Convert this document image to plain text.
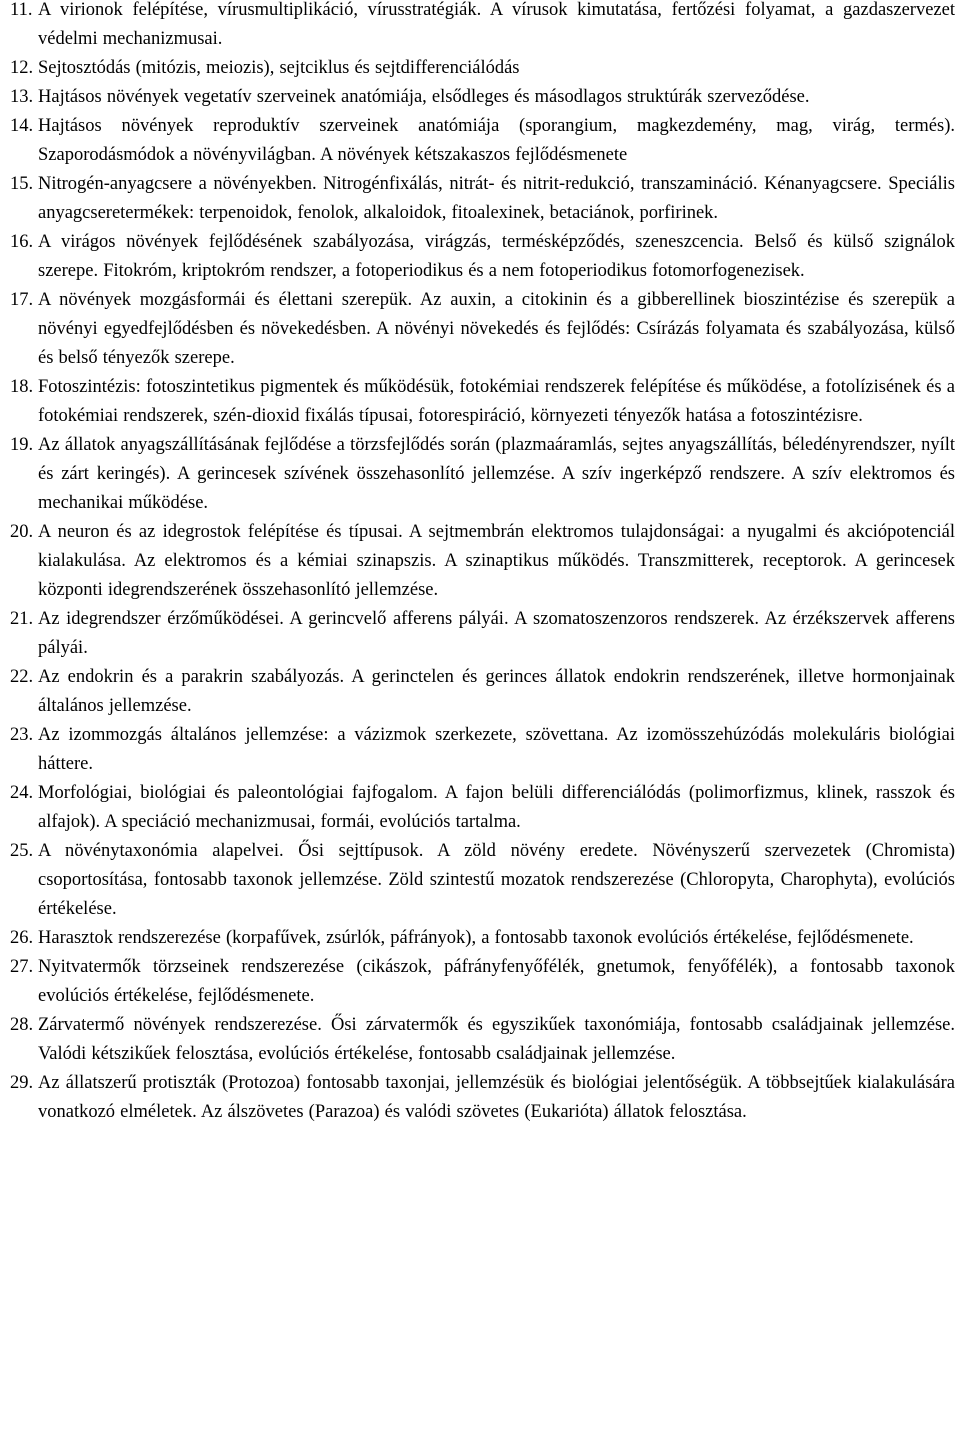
11. A virionok felépítése, vírusmultiplikáció, vírusstratégiák. A vírusok kimutatása, fertőzési folyamat, a gazdaszervezet védelmi mechanizmusai.
12. Sejtosztódás (mitózis, meiozis), sejtciklus és sejtdifferenciálódás
13. Hajtásos növények vegetatív szerveinek anatómiája, elsődleges és másodlagos struktúrák szerveződése.
14. Hajtásos növények reproduktív szerveinek anatómiája (sporangium, magkezdemény, mag, virág, termés). Szaporodásmódok a növényvilágban. A növények kétszakaszos fejlődésmenete
15. Nitrogén-anyagcsere a növényekben. Nitrogénfixálás, nitrát- és nitrit-redukció, transzamináció. Kénanyagcsere. Speciális anyagcseretermékek: terpenoidok, fenolok, alkaloidok, fitoalexinek, betaciánok, porfirinek.
16. A virágos növények fejlődésének szabályozása, virágzás, termésképződés, szeneszcencia. Belső és külső szignálok szerepe. Fitokróm, kriptokróm rendszer, a fotoperiodikus és a nem fotoperiodikus fotomorfogenezisek.
17. A növények mozgásformái és élettani szerepük. Az auxin, a citokinin és a gibberellinek bioszintézise és szerepük a növényi egyedfejlődésben és növekedésben. A növényi növekedés és fejlődés: Csírázás folyamata és szabályozása, külső és belső tényezők szerepe.
18. Fotoszintézis: fotoszintetikus pigmentek és működésük, fotokémiai rendszerek felépítése és működése, a fotolízisének és a fotokémiai rendszerek, szén-dioxid fixálás típusai, fotorespiráció, környezeti tényezők hatása a fotoszintézisre.
19. Az állatok anyagszállításának fejlődése a törzsfejlődés során (plazmaáramlás, sejtes anyagszállítás, béledényrendszer, nyílt és zárt keringés). A gerincesek szívének összehasonlító jellemzése. A szív ingerképző rendszere. A szív elektromos és mechanikai működése.
20. A neuron és az idegrostok felépítése és típusai. A sejtmembrán elektromos tulajdonságai: a nyugalmi és akciópotenciál kialakulása. Az elektromos és a kémiai szinapszis. A szinaptikus működés. Transzmitterek, receptorok. A gerincesek központi idegrendszerének összehasonlító jellemzése.
21. Az idegrendszer érzőműködései. A gerincvelő afferens pályái. A szomatoszenzoros rendszerek. Az érzékszervek afferens pályái.
22. Az endokrin és a parakrin szabályozás. A gerinctelen és gerinces állatok endokrin rendszerének, illetve hormonjainak általános jellemzése.
23. Az izommozgás általános jellemzése: a vázizmok szerkezete, szövettana. Az izomösszehúzódás molekuláris biológiai háttere.
24. Morfológiai, biológiai és paleontológiai fajfogalom. A fajon belüli differenciálódás (polimorfizmus, klinek, rasszok és alfajok). A speciáció mechanizmusai, formái, evolúciós tartalma.
25. A növénytaxonómia alapelvei. Ősi sejttípusok. A zöld növény eredete. Növényszerű szervezetek (Chromista) csoportosítása, fontosabb taxonok jellemzése. Zöld szintestű mozatok rendszerezése (Chloropyta, Charophyta), evolúciós értékelése.
26. Harasztok rendszerezése (korpafűvek, zsúrlók, páfrányok), a fontosabb taxonok evolúciós értékelése, fejlődésmenete.
27. Nyitvatermők törzseinek rendszerezése (cikászok, páfrányfenyőfélék, gnetumok, fenyőfélék), a fontosabb taxonok evolúciós értékelése, fejlődésmenete.
28. Zárvatermő növények rendszerezése. Ősi zárvatermők és egyszikűek taxonómiája, fontosabb családjainak jellemzése. Valódi kétszikűek felosztása, evolúciós értékelése, fontosabb családjainak jellemzése.
29. Az állatszerű protiszták (Protozoa) fontosabb taxonjai, jellemzésük és biológiai jelentőségük. A többsejtűek kialakulására vonatkozó elméletek. Az álszövetes (Parazoa) és valódi szövetes (Eukarióta) állatok felosztása.
